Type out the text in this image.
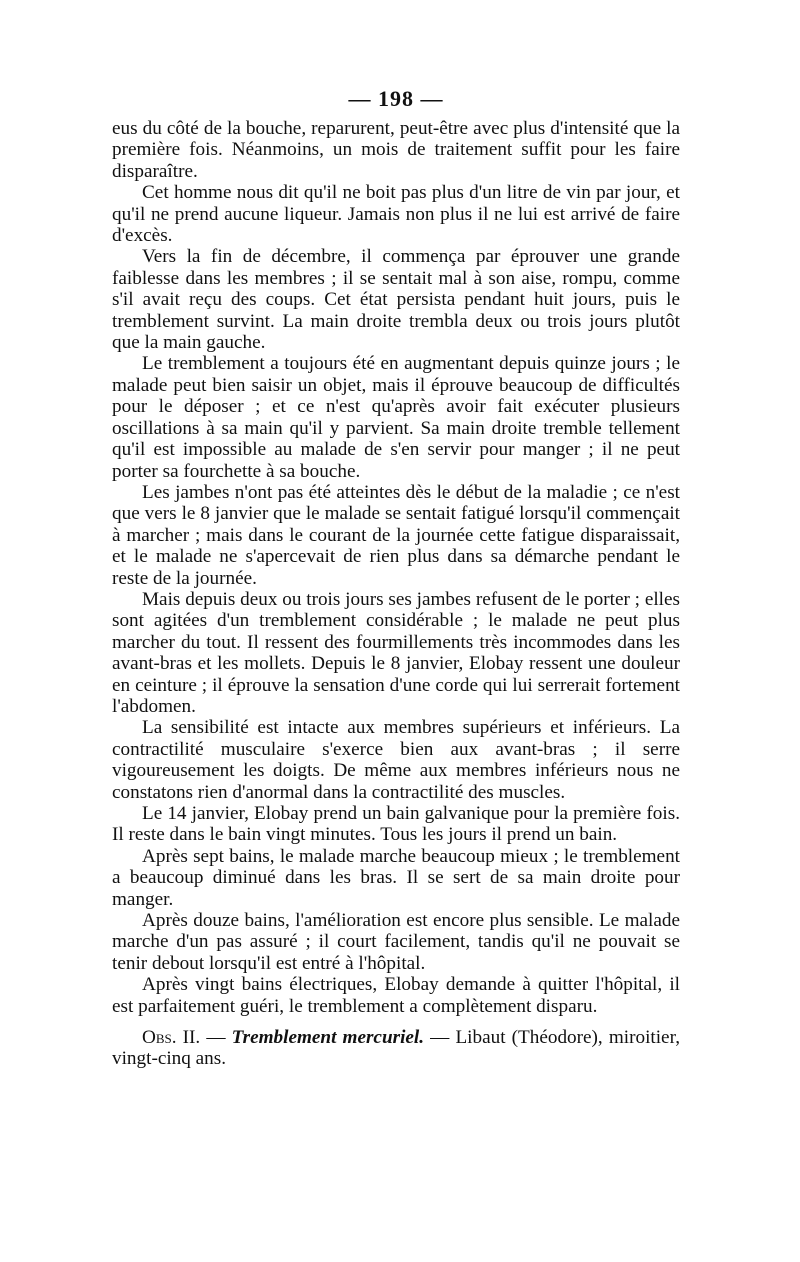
— 198 —

eus du côté de la bouche, reparurent, peut-être avec plus d'intensité que la première fois. Néanmoins, un mois de traitement suffit pour les faire disparaître.

Cet homme nous dit qu'il ne boit pas plus d'un litre de vin par jour, et qu'il ne prend aucune liqueur. Jamais non plus il ne lui est arrivé de faire d'excès.

Vers la fin de décembre, il commença par éprouver une grande faiblesse dans les membres ; il se sentait mal à son aise, rompu, comme s'il avait reçu des coups. Cet état persista pendant huit jours, puis le tremblement survint. La main droite trembla deux ou trois jours plutôt que la main gauche.

Le tremblement a toujours été en augmentant depuis quinze jours ; le malade peut bien saisir un objet, mais il éprouve beaucoup de difficultés pour le déposer ; et ce n'est qu'après avoir fait exécuter plusieurs oscillations à sa main qu'il y parvient. Sa main droite tremble tellement qu'il est impossible au malade de s'en servir pour manger ; il ne peut porter sa fourchette à sa bouche.

Les jambes n'ont pas été atteintes dès le début de la maladie ; ce n'est que vers le 8 janvier que le malade se sentait fatigué lorsqu'il commençait à marcher ; mais dans le courant de la journée cette fatigue disparaissait, et le malade ne s'apercevait de rien plus dans sa démarche pendant le reste de la journée.

Mais depuis deux ou trois jours ses jambes refusent de le porter ; elles sont agitées d'un tremblement considérable ; le malade ne peut plus marcher du tout. Il ressent des fourmillements très incommodes dans les avant-bras et les mollets. Depuis le 8 janvier, Elobay ressent une douleur en ceinture ; il éprouve la sensation d'une corde qui lui serrerait fortement l'abdomen.

La sensibilité est intacte aux membres supérieurs et inférieurs. La contractilité musculaire s'exerce bien aux avant-bras ; il serre vigoureusement les doigts. De même aux membres inférieurs nous ne constatons rien d'anormal dans la contractilité des muscles.

Le 14 janvier, Elobay prend un bain galvanique pour la première fois. Il reste dans le bain vingt minutes. Tous les jours il prend un bain.

Après sept bains, le malade marche beaucoup mieux ; le tremblement a beaucoup diminué dans les bras. Il se sert de sa main droite pour manger.

Après douze bains, l'amélioration est encore plus sensible. Le malade marche d'un pas assuré ; il court facilement, tandis qu'il ne pouvait se tenir debout lorsqu'il est entré à l'hôpital.

Après vingt bains électriques, Elobay demande à quitter l'hôpital, il est parfaitement guéri, le tremblement a complètement disparu.

Obs. II. — Tremblement mercuriel. — Libaut (Théodore), miroitier, vingt-cinq ans.
